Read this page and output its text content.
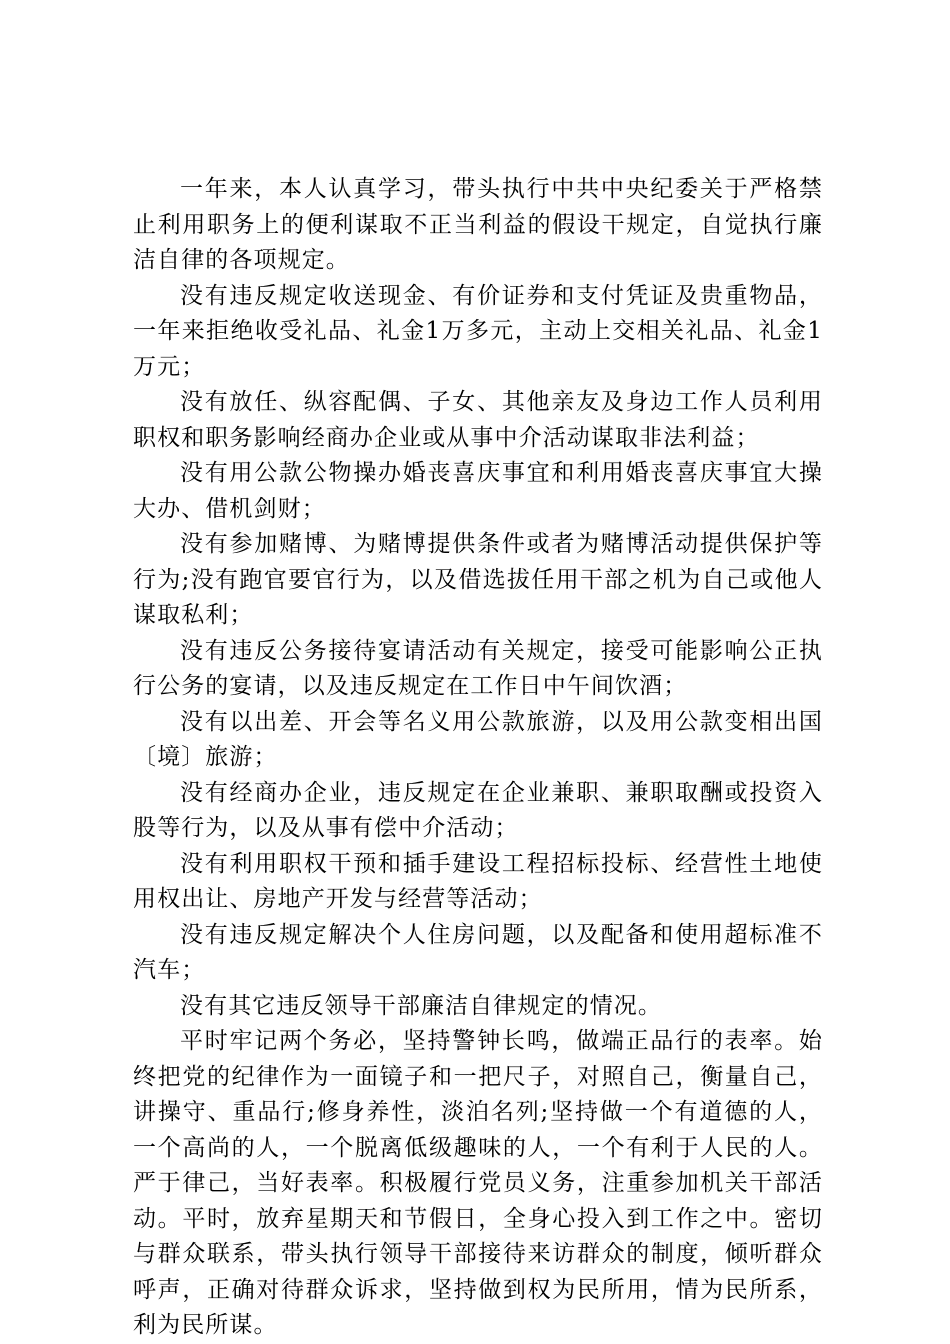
一年来，本人认真学习，带头执行中共中央纪委关于严格禁止利用职务上的便利谋取不正当利益的假设干规定，自觉执行廉洁自律的各项规定。

没有违反规定收送现金、有价证券和支付凭证及贵重物品，一年来拒绝收受礼品、礼金1万多元，主动上交相关礼品、礼金1万元；

没有放任、纵容配偶、子女、其他亲友及身边工作人员利用职权和职务影响经商办企业或从事中介活动谋取非法利益；

没有用公款公物操办婚丧喜庆事宜和利用婚丧喜庆事宜大操大办、借机剑财；

没有参加赌博、为赌博提供条件或者为赌博活动提供保护等行为;没有跑官要官行为，以及借选拔任用干部之机为自己或他人谋取私利；

没有违反公务接待宴请活动有关规定，接受可能影响公正执行公务的宴请，以及违反规定在工作日中午间饮酒；

没有以出差、开会等名义用公款旅游，以及用公款变相出国〔境〕旅游；

没有经商办企业，违反规定在企业兼职、兼职取酬或投资入股等行为，以及从事有偿中介活动；

没有利用职权干预和插手建设工程招标投标、经营性土地使用权出让、房地产开发与经营等活动；

没有违反规定解决个人住房问题，以及配备和使用超标准不汽车；

没有其它违反领导干部廉洁自律规定的情况。

平时牢记两个务必，坚持警钟长鸣，做端正品行的表率。始终把党的纪律作为一面镜子和一把尺子，对照自己，衡量自己，讲操守、重品行;修身养性，淡泊名列;坚持做一个有道德的人，一个高尚的人，一个脱离低级趣味的人，一个有利于人民的人。严于律己，当好表率。积极履行党员义务，注重参加机关干部活动。平时，放弃星期天和节假日，全身心投入到工作之中。密切与群众联系，带头执行领导干部接待来访群众的制度，倾听群众呼声，正确对待群众诉求，坚持做到权为民所用，情为民所系，利为民所谋。
